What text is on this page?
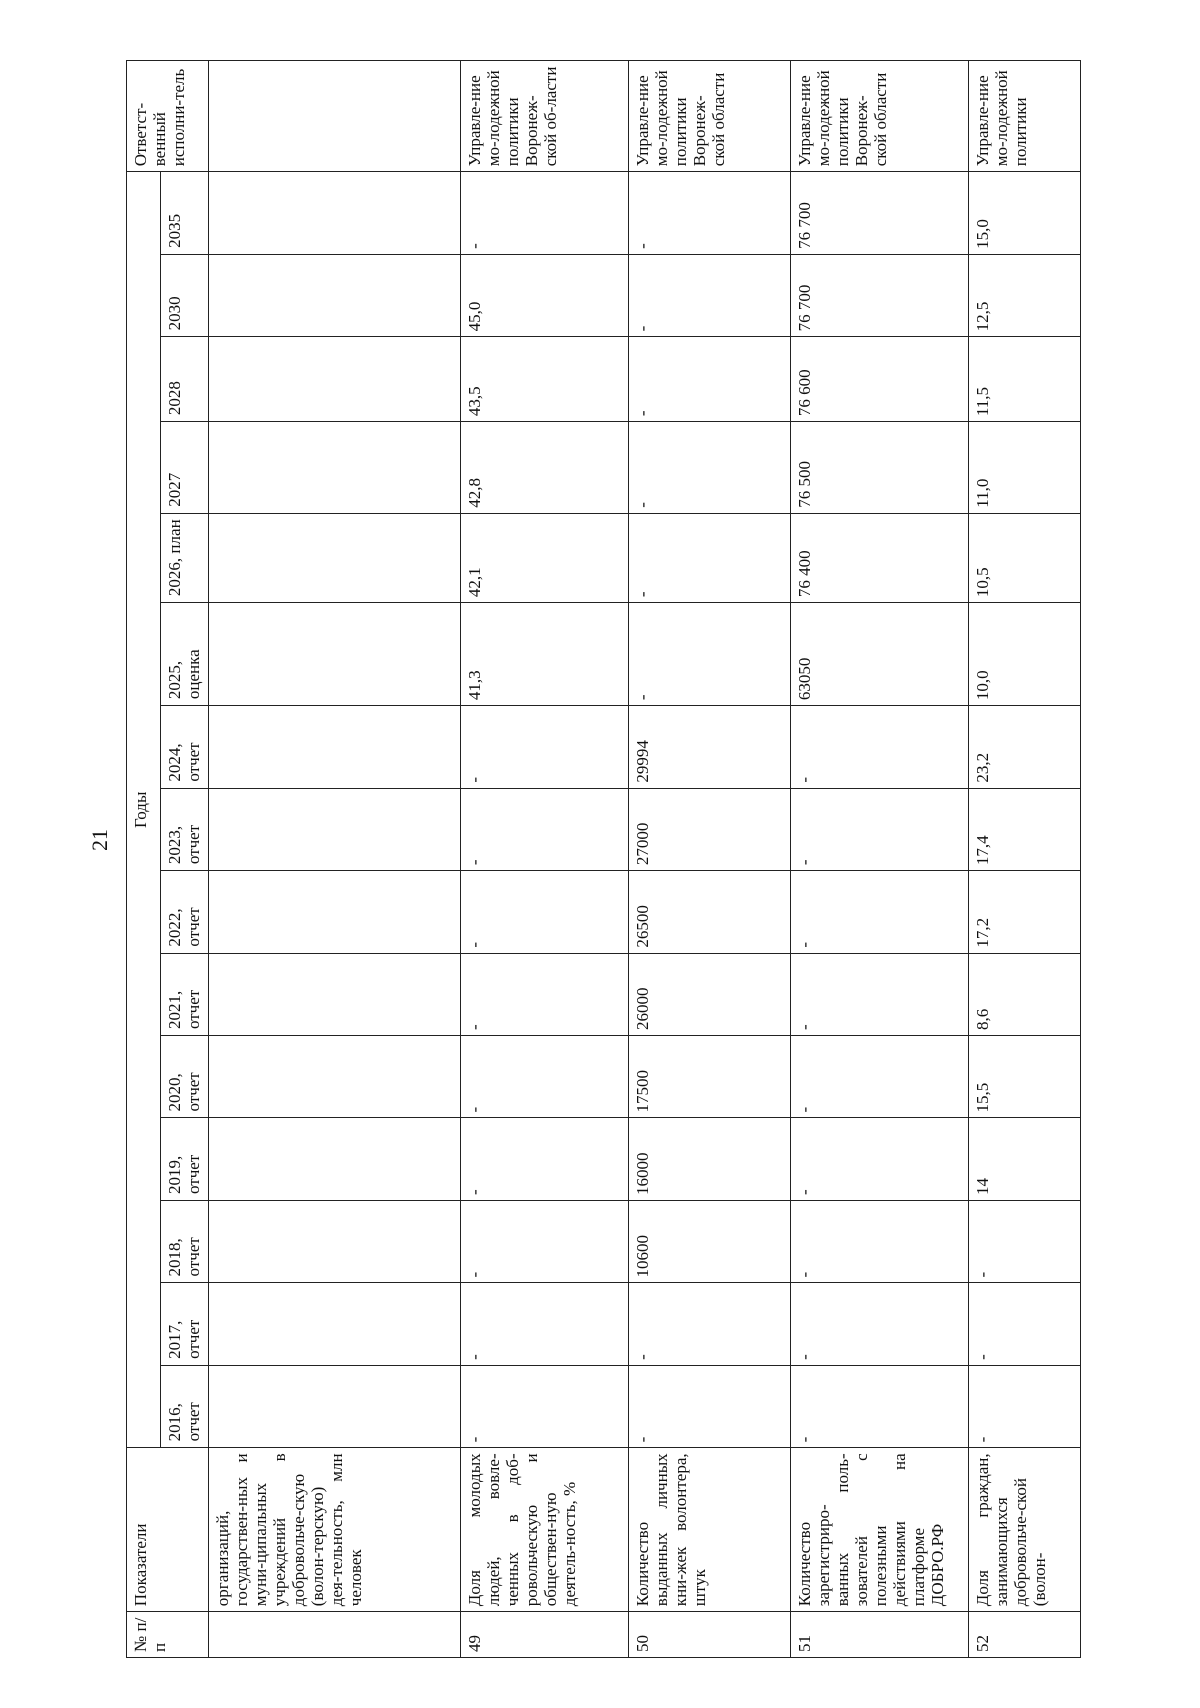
21
№ п/п	Показатели	Годы															Ответст-венный исполни-тель
		2016, отчет	2017, отчет	2018, отчет	2019, отчет	2020, отчет	2021, отчет	2022, отчет	2023, отчет	2024, отчет	2025, оценка	2026, план	2027	2028	2030	2035	
	организаций, государствен-ных и муни-ципальных учреждений в добровольче-скую (волон-терскую) дея-тельность, млн человек																
49	Доля молодых людей, вовле-ченных в доб-ровольческую и обществен-ную деятель-ность, %	-	-	-	-	-	-	-	-	-	41,3	42,1	42,8	43,5	45,0	-	Управле-ние мо-лодежной политики Воронеж-ской об-ласти
50	Количество выданных личных кни-жек волонтера, штук	-	-	10600	16000	17500	26000	26500	27000	29994	-	-	-	-	-	-	Управле-ние мо-лодежной политики Воронеж-ской области
51	Количество зарегистриро-ванных поль-зователей с полезными действиями на платформе ДОБРО.РФ	-	-	-	-	-	-	-	-	-	63050	76 400	76 500	76 600	76 700	76 700	Управле-ние мо-лодежной политики Воронеж-ской области
52	Доля граждан, занимающихся добровольче-ской (волон-	-	-	-	14	15,5	8,6	17,2	17,4	23,2	10,0	10,5	11,0	11,5	12,5	15,0	Управле-ние мо-лодежной политики
